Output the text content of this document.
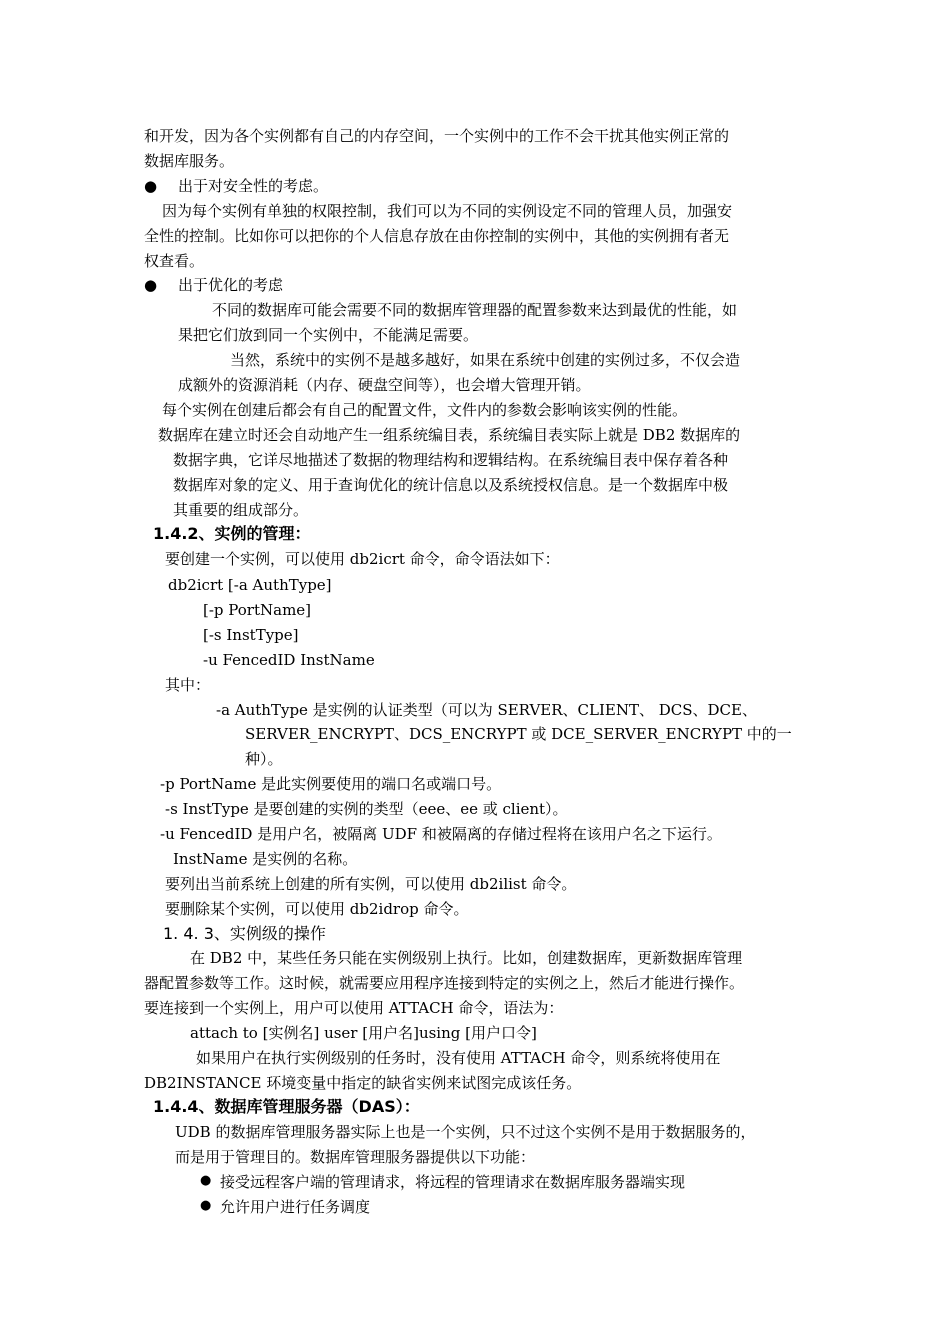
●
●
●
●
和开发，因为各个实例都有自己的内存空间，一个实例中的工作不会干扰其他实例正常的
数据库服务。
出于对安全性的考虑。
因为每个实例有单独的权限控制，我们可以为不同的实例设定不同的管理人员，加强安
全性的控制。比如你可以把你的个人信息存放在由你控制的实例中，其他的实例拥有者无
权查看。
出于优化的考虑
不同的数据库可能会需要不同的数据库管理器的配置参数来达到最优的性能，如
果把它们放到同一个实例中，不能满足需要。
当然，系统中的实例不是越多越好，如果在系统中创建的实例过多，不仅会造
成额外的资源消耗（内存、硬盘空间等），也会增大管理开销。
每个实例在创建后都会有自己的配置文件，文件内的参数会影响该实例的性能。
数据库在建立时还会自动地产生一组系统编目表，系统编目表实际上就是 DB2 数据库的
数据字典，它详尽地描述了数据的物理结构和逻辑结构。在系统编目表中保存着各种
数据库对象的定义、用于查询优化的统计信息以及系统授权信息。是一个数据库中极
其重要的组成部分。
1.4.2、实例的管理：
要创建一个实例，可以使用 db2icrt 命令，命令语法如下：
db2icrt [-a AuthType]
[-p PortName]
[-s InstType]
-u FencedID InstName
其中：
-a AuthType 是实例的认证类型（可以为 SERVER、CLIENT、 DCS、DCE、
SERVER_ENCRYPT、DCS_ENCRYPT 或 DCE_SERVER_ENCRYPT 中的一
种）。
-p PortName 是此实例要使用的端口名或端口号。
-s InstType 是要创建的实例的类型（eee、ee 或 client）。
-u FencedID 是用户名，被隔离 UDF 和被隔离的存储过程将在该用户名之下运行。
InstName 是实例的名称。
要列出当前系统上创建的所有实例，可以使用 db2ilist 命令。
要删除某个实例，可以使用 db2idrop 命令。
1. 4. 3、实例级的操作
在 DB2 中，某些任务只能在实例级别上执行。比如，创建数据库，更新数据库管理
器配置参数等工作。这时候，就需要应用程序连接到特定的实例之上，然后才能进行操作。
要连接到一个实例上，用户可以使用 ATTACH 命令，语法为：
attach to [实例名] user [用户名]using [用户口令]
如果用户在执行实例级别的任务时，没有使用 ATTACH 命令，则系统将使用在
DB2INSTANCE 环境变量中指定的缺省实例来试图完成该任务。
1.4.4、数据库管理服务器（DAS）：
UDB 的数据库管理服务器实际上也是一个实例，只不过这个实例不是用于数据服务的，
而是用于管理目的。数据库管理服务器提供以下功能：
接受远程客户端的管理请求，将远程的管理请求在数据库服务器端实现
允许用户进行任务调度
